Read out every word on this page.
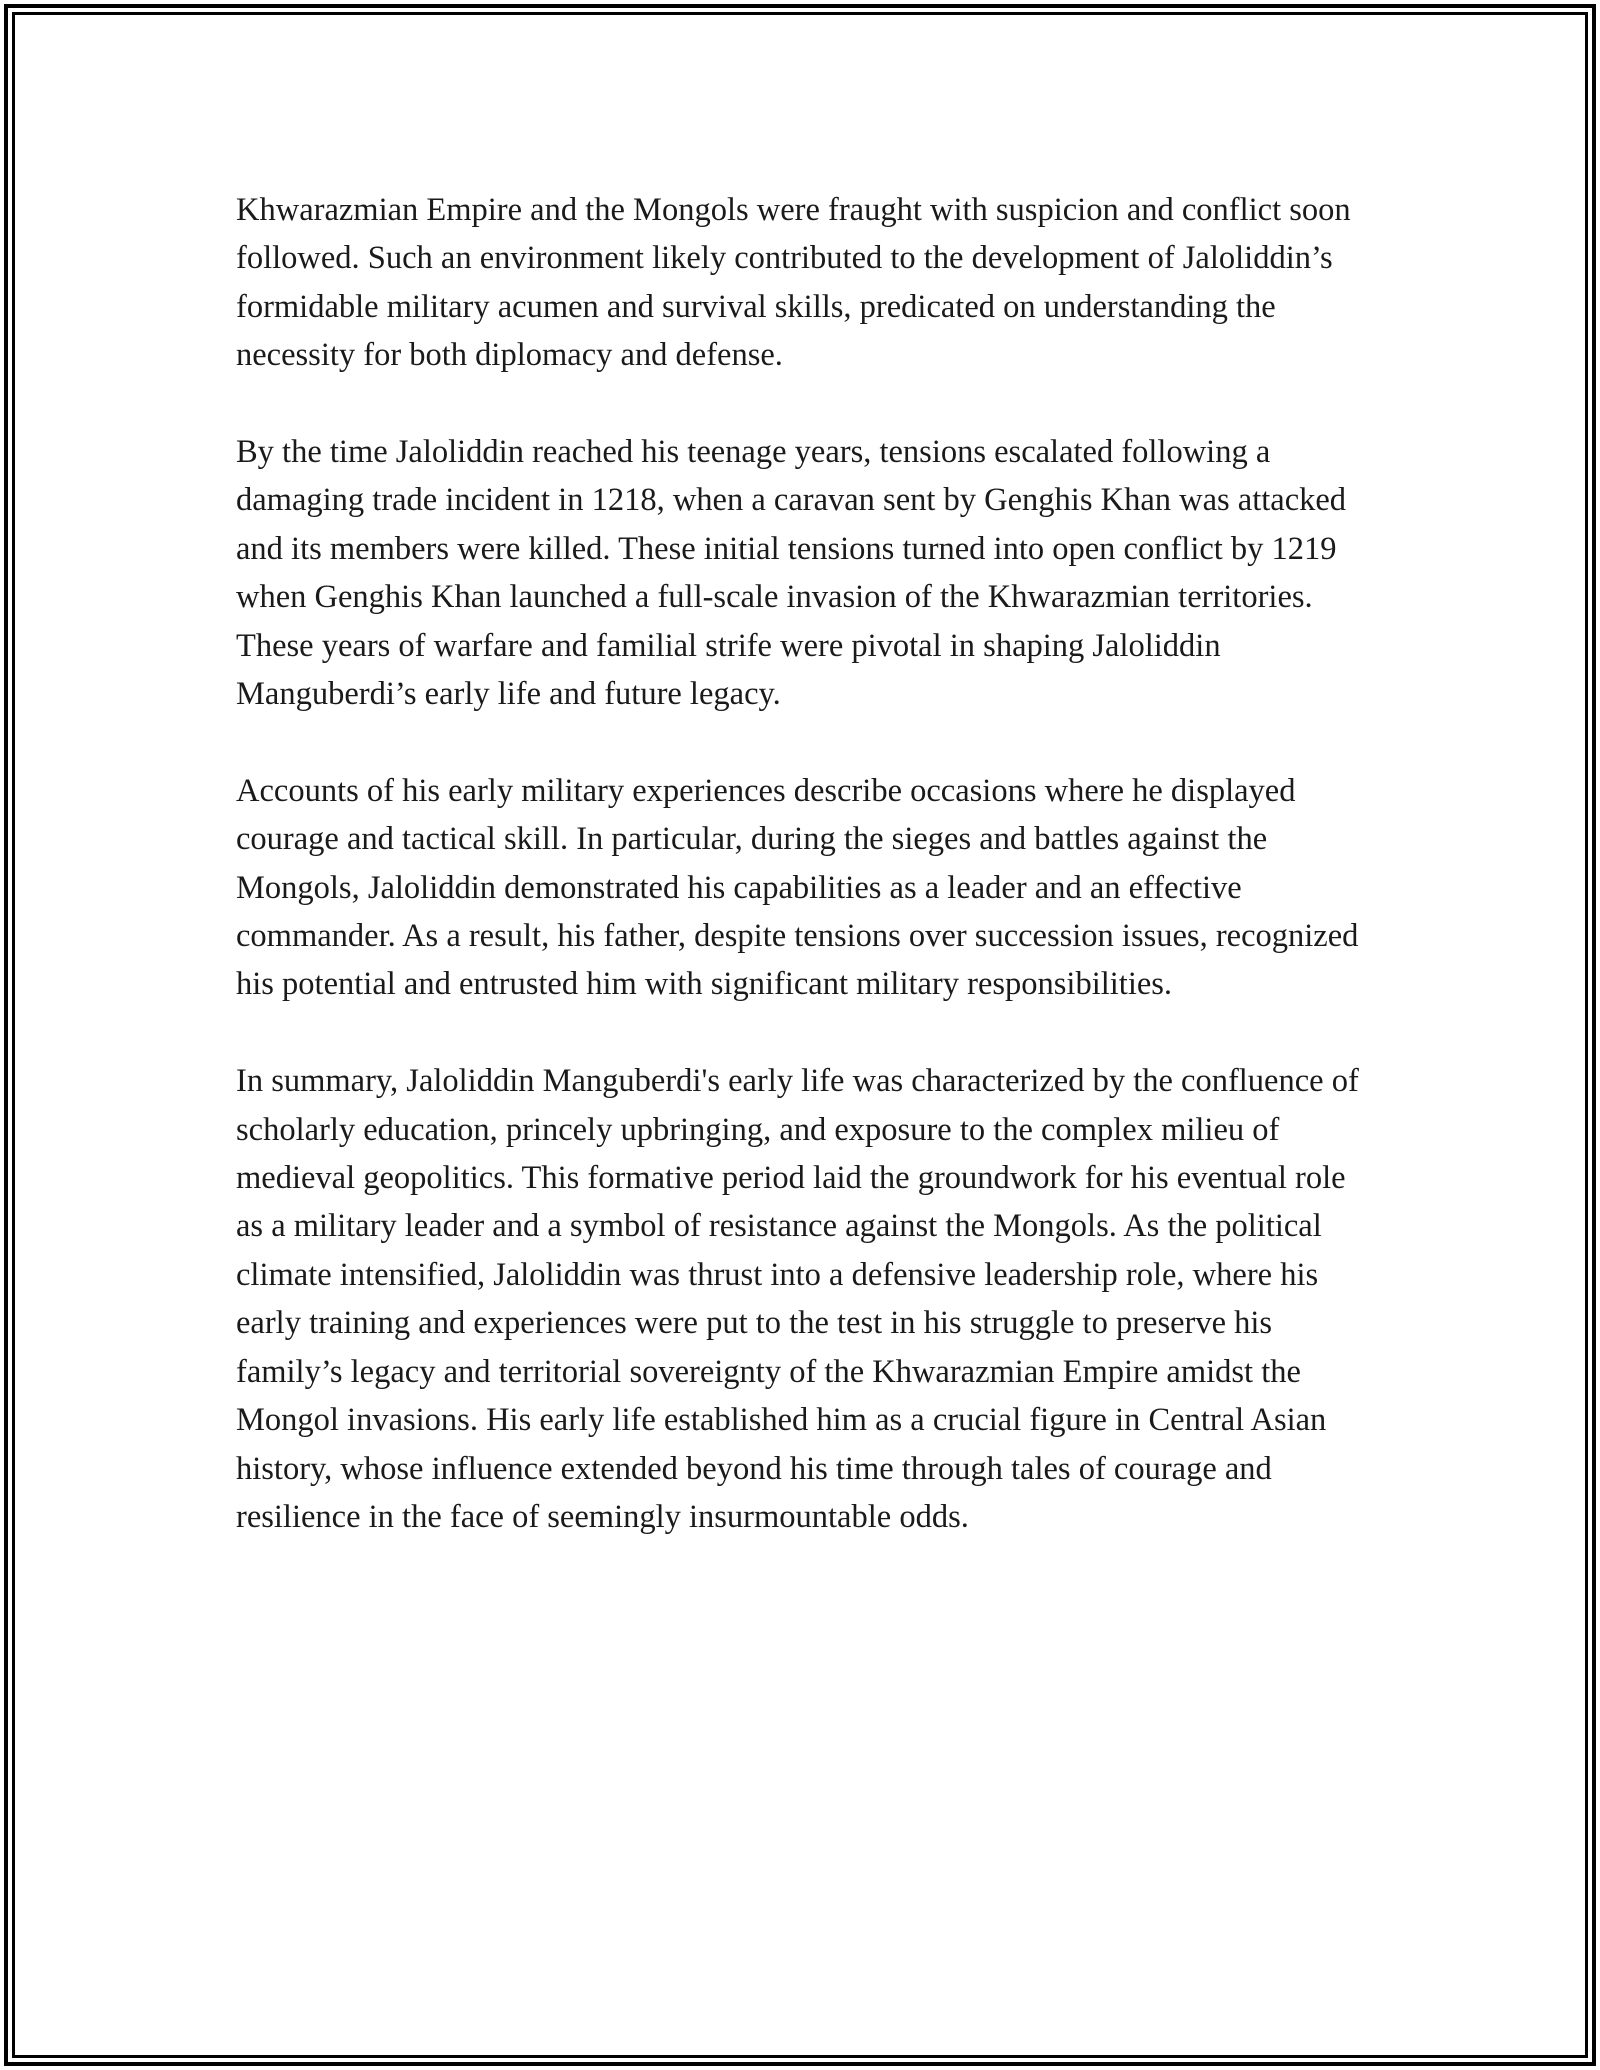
Khwarazmian Empire and the Mongols were fraught with suspicion and conflict soon followed. Such an environment likely contributed to the development of Jaloliddin’s formidable military acumen and survival skills, predicated on understanding the necessity for both diplomacy and defense.

By the time Jaloliddin reached his teenage years, tensions escalated following a damaging trade incident in 1218, when a caravan sent by Genghis Khan was attacked and its members were killed. These initial tensions turned into open conflict by 1219 when Genghis Khan launched a full-scale invasion of the Khwarazmian territories. These years of warfare and familial strife were pivotal in shaping Jaloliddin Manguberdi’s early life and future legacy.

Accounts of his early military experiences describe occasions where he displayed courage and tactical skill. In particular, during the sieges and battles against the Mongols, Jaloliddin demonstrated his capabilities as a leader and an effective commander. As a result, his father, despite tensions over succession issues, recognized his potential and entrusted him with significant military responsibilities.

In summary, Jaloliddin Manguberdi's early life was characterized by the confluence of scholarly education, princely upbringing, and exposure to the complex milieu of medieval geopolitics. This formative period laid the groundwork for his eventual role as a military leader and a symbol of resistance against the Mongols. As the political climate intensified, Jaloliddin was thrust into a defensive leadership role, where his early training and experiences were put to the test in his struggle to preserve his family’s legacy and territorial sovereignty of the Khwarazmian Empire amidst the Mongol invasions. His early life established him as a crucial figure in Central Asian history, whose influence extended beyond his time through tales of courage and resilience in the face of seemingly insurmountable odds.
